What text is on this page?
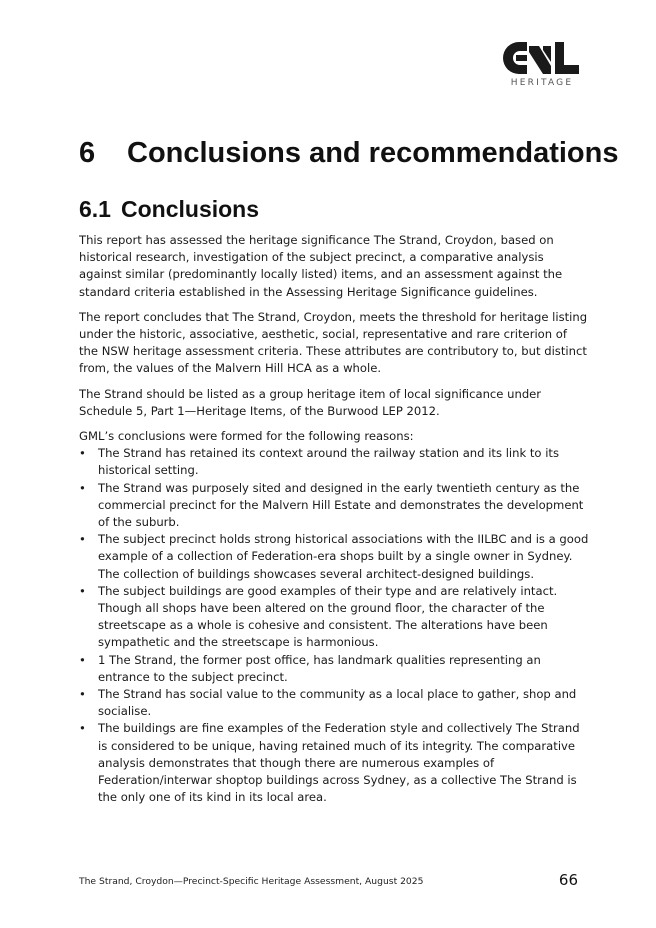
HERITAGE
6 Conclusions and recommendations
6.1 Conclusions

This report has assessed the heritage significance The Strand, Croydon, based on historical research, investigation of the subject precinct, a comparative analysis against similar (predominantly locally listed) items, and an assessment against the standard criteria established in the Assessing Heritage Significance guidelines.

The report concludes that The Strand, Croydon, meets the threshold for heritage listing under the historic, associative, aesthetic, social, representative and rare criterion of the NSW heritage assessment criteria. These attributes are contributory to, but distinct from, the values of the Malvern Hill HCA as a whole.

The Strand should be listed as a group heritage item of local significance under Schedule 5, Part 1—Heritage Items, of the Burwood LEP 2012.

GML’s conclusions were formed for the following reasons:

• The Strand has retained its context around the railway station and its link to its historical setting.
• The Strand was purposely sited and designed in the early twentieth century as the commercial precinct for the Malvern Hill Estate and demonstrates the development of the suburb.
• The subject precinct holds strong historical associations with the IILBC and is a good example of a collection of Federation-era shops built by a single owner in Sydney. The collection of buildings showcases several architect-designed buildings.
• The subject buildings are good examples of their type and are relatively intact. Though all shops have been altered on the ground floor, the character of the streetscape as a whole is cohesive and consistent. The alterations have been sympathetic and the streetscape is harmonious.
• 1 The Strand, the former post office, has landmark qualities representing an entrance to the subject precinct.
• The Strand has social value to the community as a local place to gather, shop and socialise.
• The buildings are fine examples of the Federation style and collectively The Strand is considered to be unique, having retained much of its integrity. The comparative analysis demonstrates that though there are numerous examples of Federation/interwar shoptop buildings across Sydney, as a collective The Strand is the only one of its kind in its local area.
The Strand, Croydon—Precinct-Specific Heritage Assessment, August 2025	66
